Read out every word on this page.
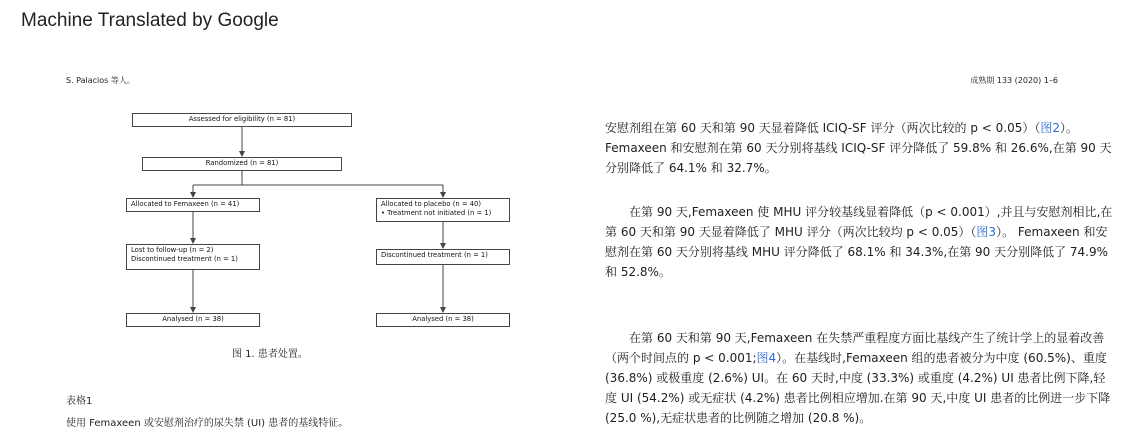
Machine Translated by Google
S. Palacios 等人。	成熟期 133 (2020) 1–6
Assessed for eligibility (n = 81)
Randomized (n = 81)
Allocated to Femaxeen (n = 41)	Allocated to placebo (n = 40)
• Treatment not initiated (n = 1)
Lost to follow-up (n = 2)
Discontinued treatment (n = 1)	Discontinued treatment (n = 1)
Analysed (n = 38)	Analysed (n = 38)
图 1. 患者处置。
表格1
使用 Femaxeen 或安慰剂治疗的尿失禁 (UI) 患者的基线特征。

安慰剂组在第 60 天和第 90 天显着降低 ICIQ-SF 评分（两次比较的 p < 0.05）（图2）。Femaxeen 和安慰剂在第 60 天分别将基线 ICIQ-SF 评分降低了 59.8% 和 26.6%,在第 90 天分别降低了 64.1% 和 32.7%。

在第 90 天,Femaxeen 使 MHU 评分较基线显着降低（p < 0.001）,并且与安慰剂相比,在第 60 天和第 90 天显着降低了 MHU 评分（两次比较均 p < 0.05）（图3）。 Femaxeen 和安慰剂在第 60 天分别将基线 MHU 评分降低了 68.1% 和 34.3%,在第 90 天分别降低了 74.9% 和 52.8%。

在第 60 天和第 90 天,Femaxeen 在失禁严重程度方面比基线产生了统计学上的显着改善（两个时间点的 p < 0.001;图4）。在基线时,Femaxeen 组的患者被分为中度 (60.5%)、重度 (36.8%) 或极重度 (2.6%) UI。在 60 天时,中度 (33.3%) 或重度 (4.2%) UI 患者比例下降,轻度 UI (54.2%) 或无症状 (4.2%) 患者比例相应增加.在第 90 天,中度 UI 患者的比例进一步下降 (25.0 %),无症状患者的比例随之增加 (20.8 %)。
